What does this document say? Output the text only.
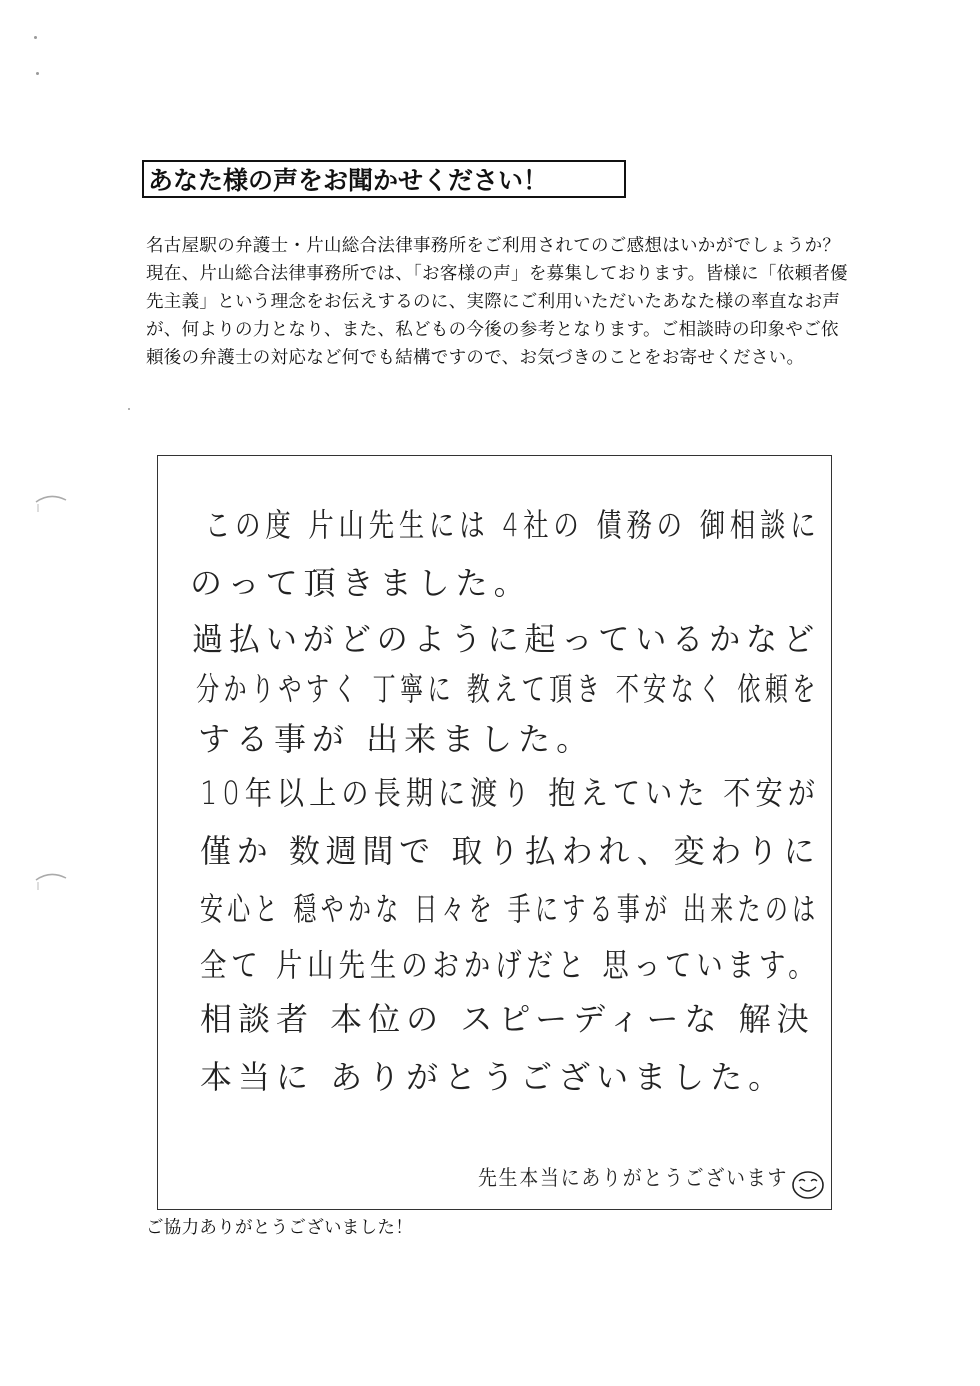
あなた様の声をお聞かせください！

名古屋駅の弁護士・片山総合法律事務所をご利用されてのご感想はいかがでしょうか？

現在、片山総合法律事務所では、「お客様の声」を募集しております。皆様に「依頼者優先主義」という理念をお伝えするのに、実際にご利用いただいたあなた様の率直なお声が、何よりの力となり、また、私どもの今後の参考となります。ご相談時の印象やご依頼後の弁護士の対応など何でも結構ですので、お気づきのことをお寄せください。

この度 片山先生には 4社の 債務の 御相談に
のって頂きました。
過払いがどのように起っているかなど
分かりやすく 丁寧に 教えて頂き 不安なく 依頼を
する事が 出来ました。
10年以上の長期に渡り 抱えていた 不安が
僅か 数週間で 取り払われ、変わりに
安心と 穏やかな 日々を 手にする事が 出来たのは
全て 片山先生のおかげだと 思っています。
相談者 本位の スピーディーな 解決
本当に ありがとうございました。
先生本当にありがとうございます
ご協力ありがとうございました！
